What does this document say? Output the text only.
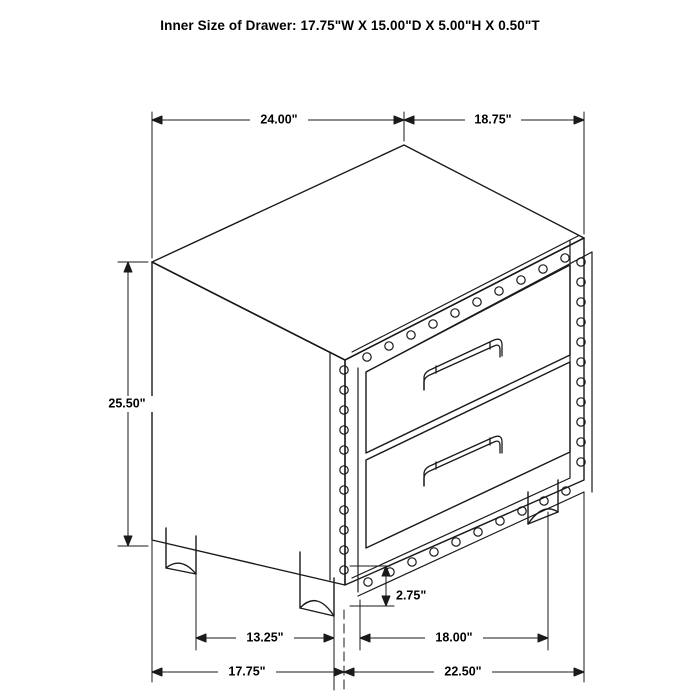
Inner Size of Drawer: 17.75"W X 15.00"D X 5.00"H X 0.50"T
24.00"	18.75"
25.50"
2.75"
13.25"	18.00"
17.75"	22.50"
